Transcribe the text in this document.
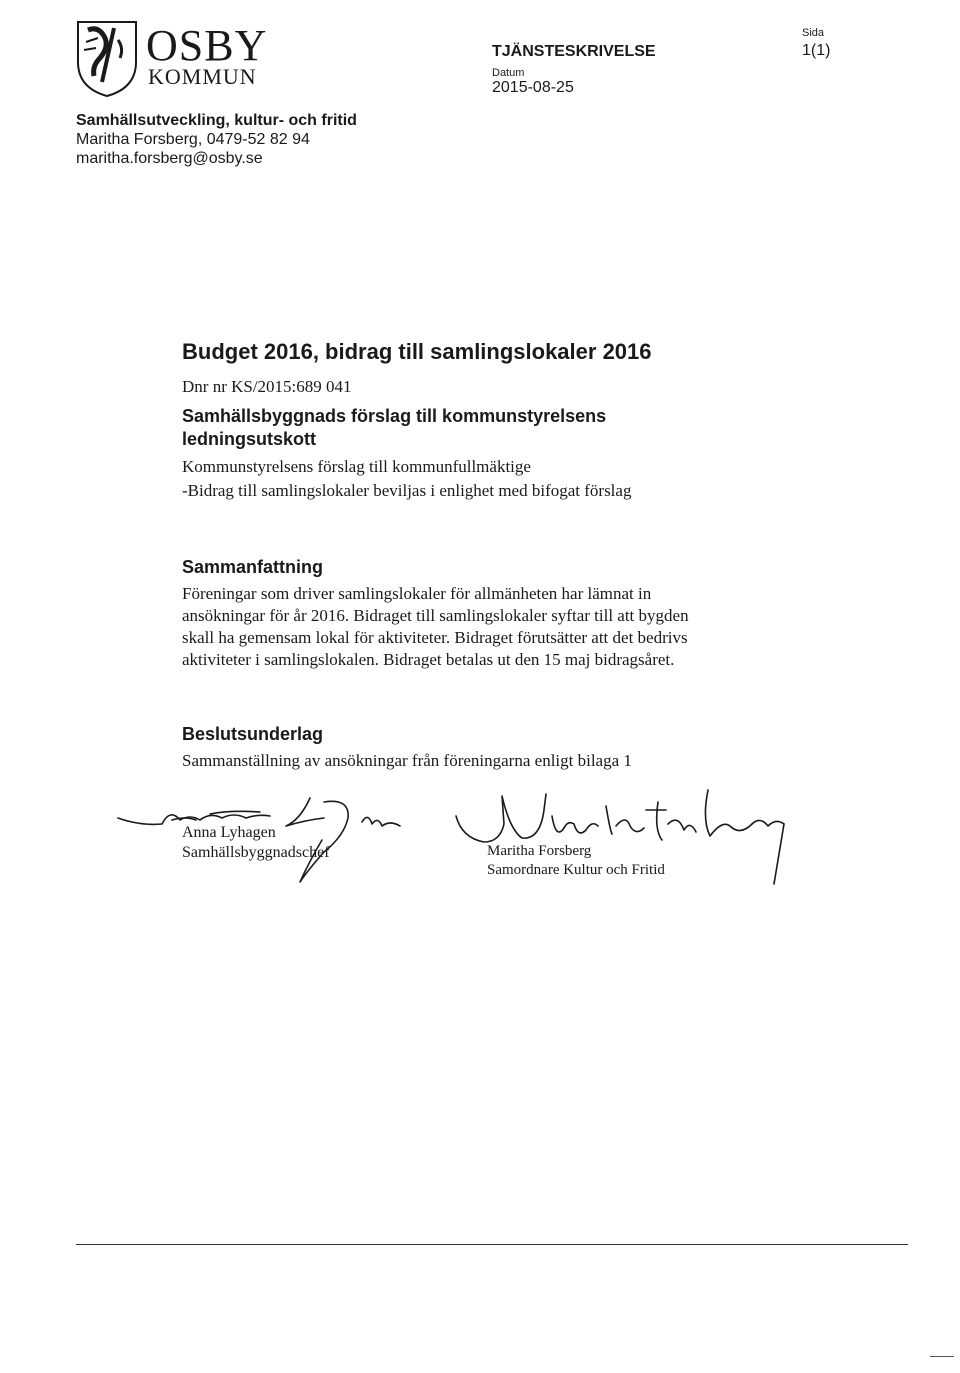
OSBY
KOMMUN
TJÄNSTESKRIVELSE
Datum
2015-08-25
Sida
1(1)
Samhällsutveckling, kultur- och fritid
Maritha Forsberg, 0479-52 82 94
maritha.forsberg@osby.se
Budget 2016, bidrag till samlingslokaler 2016
Dnr nr KS/2015:689 041
Samhällsbyggnads förslag till kommunstyrelsens
ledningsutskott
Kommunstyrelsens förslag till kommunfullmäktige
-Bidrag till samlingslokaler beviljas i enlighet med bifogat förslag
Sammanfattning
Föreningar som driver samlingslokaler för allmänheten har lämnat in
ansökningar för år 2016. Bidraget till samlingslokaler syftar till att bygden
skall ha gemensam lokal för aktiviteter. Bidraget förutsätter att det bedrivs
aktiviteter i samlingslokalen. Bidraget betalas ut den 15 maj bidragsåret.
Beslutsunderlag
Sammanställning av ansökningar från föreningarna enligt bilaga 1
Anna Lyhagen
Samhällsbyggnadschef	Maritha Forsberg
Samordnare Kultur och Fritid
